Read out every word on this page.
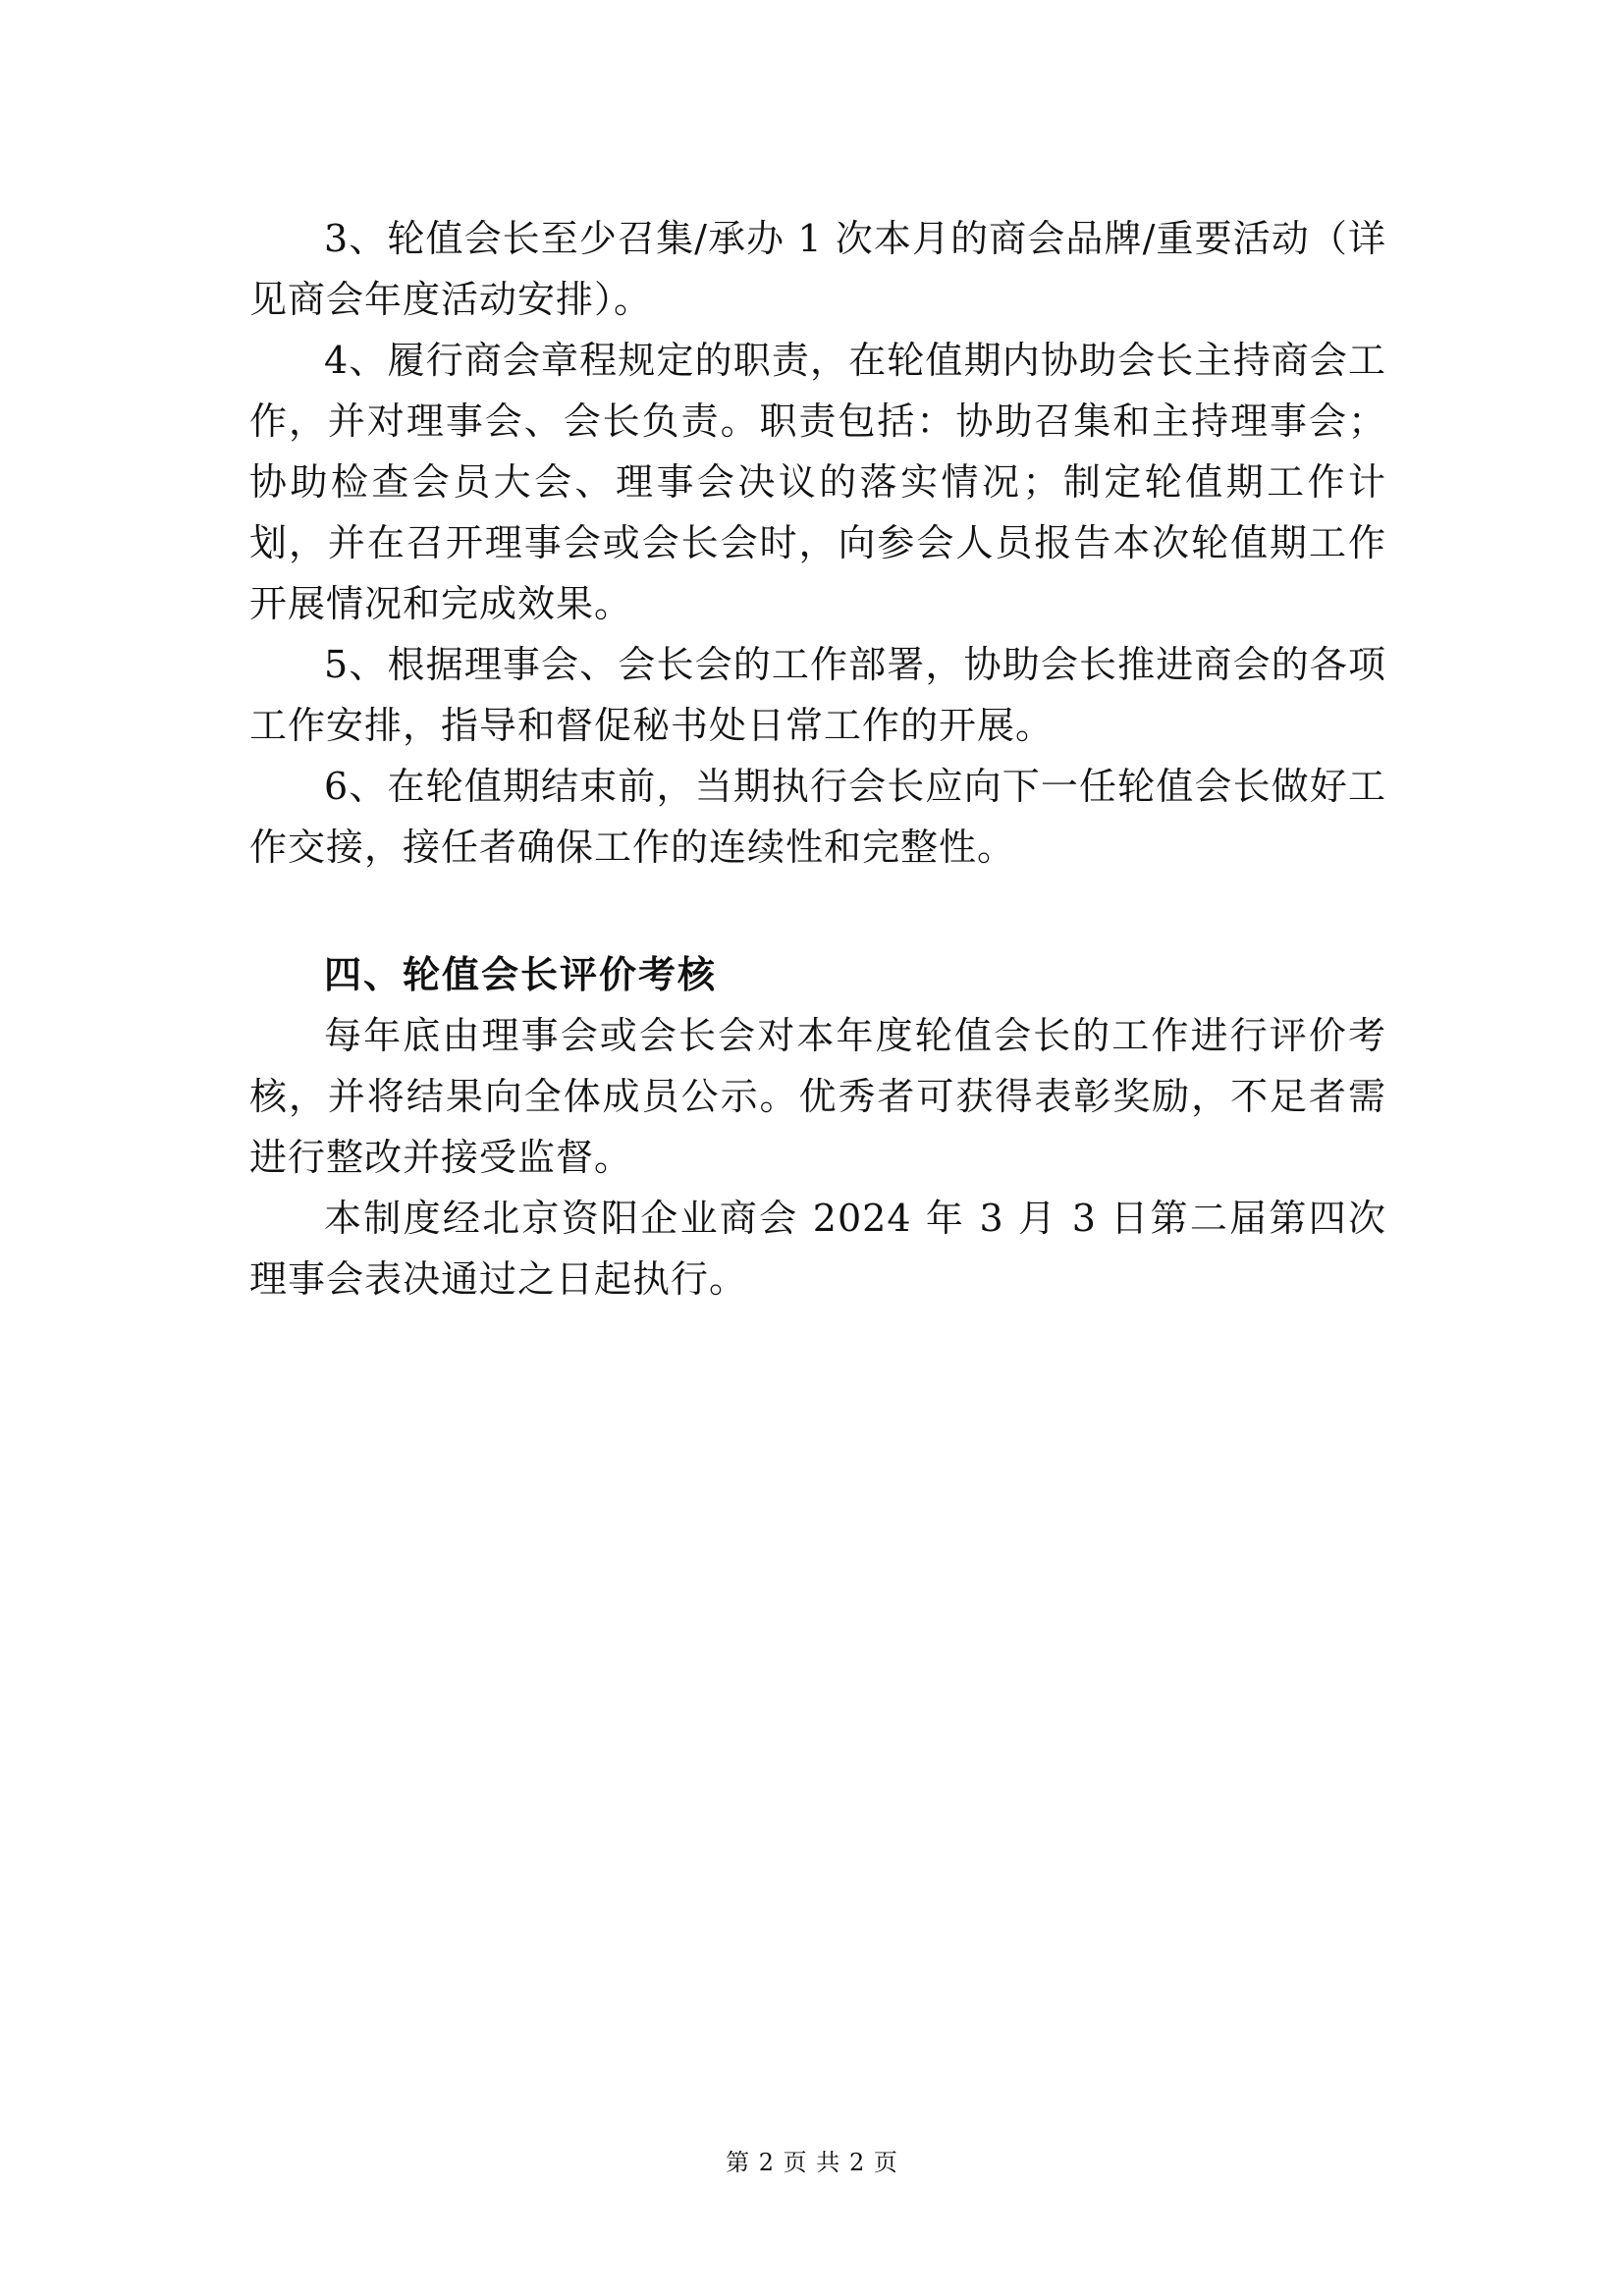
3、轮值会长至少召集/承办 1 次本月的商会品牌/重要活动（详见商会年度活动安排）。

4、履行商会章程规定的职责，在轮值期内协助会长主持商会工作，并对理事会、会长负责。职责包括：协助召集和主持理事会；协助检查会员大会、理事会决议的落实情况；制定轮值期工作计划，并在召开理事会或会长会时，向参会人员报告本次轮值期工作开展情况和完成效果。

5、根据理事会、会长会的工作部署，协助会长推进商会的各项工作安排，指导和督促秘书处日常工作的开展。

6、在轮值期结束前，当期执行会长应向下一任轮值会长做好工作交接，接任者确保工作的连续性和完整性。

四、轮值会长评价考核

每年底由理事会或会长会对本年度轮值会长的工作进行评价考核，并将结果向全体成员公示。优秀者可获得表彰奖励，不足者需进行整改并接受监督。

本制度经北京资阳企业商会 2024 年 3 月 3 日第二届第四次理事会表决通过之日起执行。

第 2 页 共 2 页
